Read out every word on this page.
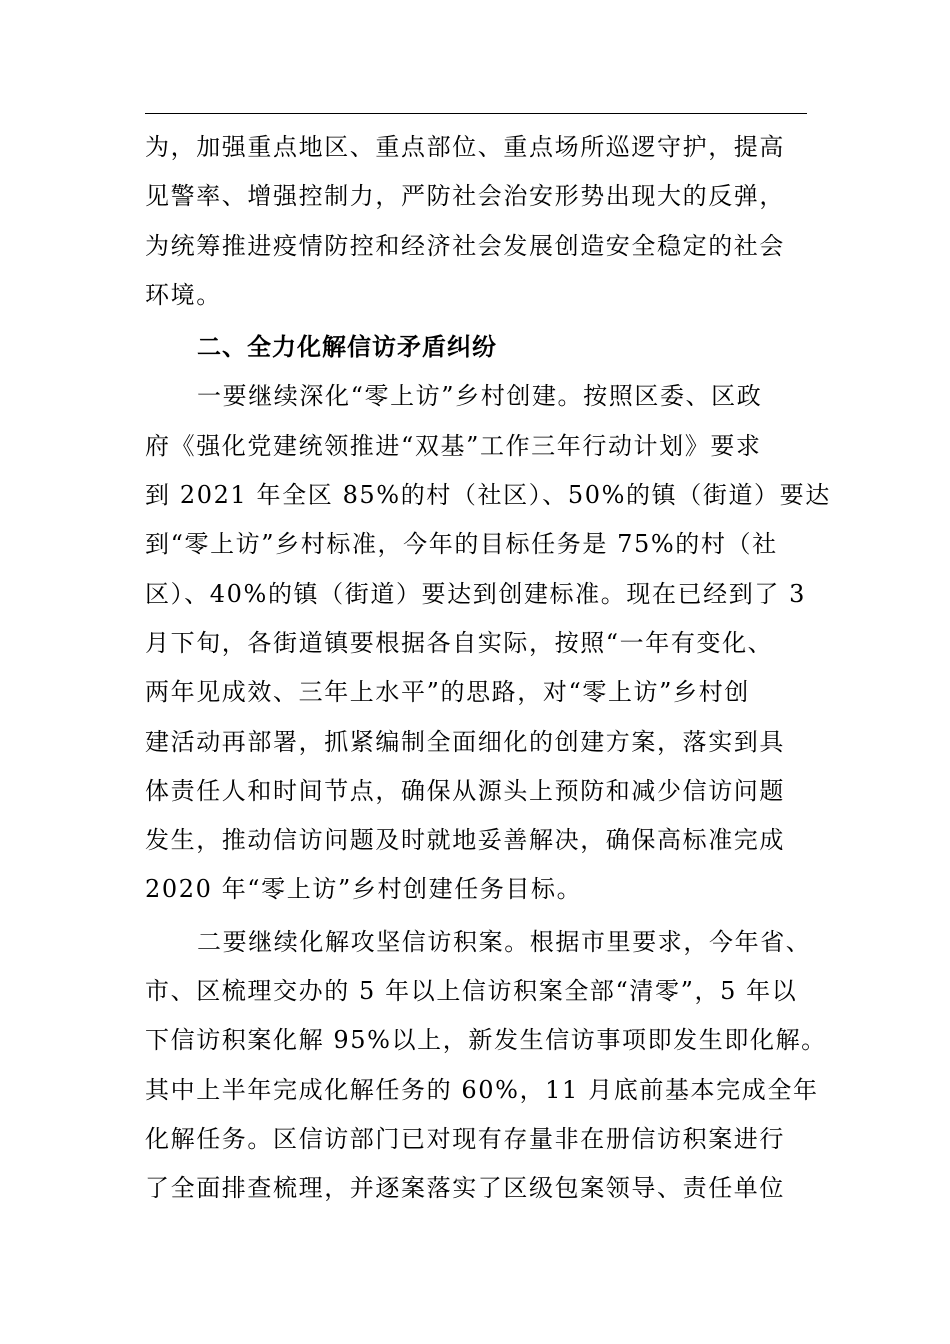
为，加强重点地区、重点部位、重点场所巡逻守护，提高
见警率、增强控制力，严防社会治安形势出现大的反弹，
为统筹推进疫情防控和经济社会发展创造安全稳定的社会
环境。
二、全力化解信访矛盾纠纷
一要继续深化“零上访”乡村创建。按照区委、区政
府《强化党建统领推进“双基”工作三年行动计划》要求
到 2021 年全区 85%的村（社区）、50%的镇（街道）要达
到“零上访”乡村标准，今年的目标任务是 75%的村（社
区）、40%的镇（街道）要达到创建标准。现在已经到了 3
月下旬，各街道镇要根据各自实际，按照“一年有变化、
两年见成效、三年上水平”的思路，对“零上访”乡村创
建活动再部署，抓紧编制全面细化的创建方案，落实到具
体责任人和时间节点，确保从源头上预防和减少信访问题
发生，推动信访问题及时就地妥善解决，确保高标准完成
2020 年“零上访”乡村创建任务目标。
二要继续化解攻坚信访积案。根据市里要求，今年省、
市、区梳理交办的 5 年以上信访积案全部“清零”，5 年以
下信访积案化解 95%以上，新发生信访事项即发生即化解。
其中上半年完成化解任务的 60%，11 月底前基本完成全年
化解任务。区信访部门已对现有存量非在册信访积案进行
了全面排查梳理，并逐案落实了区级包案领导、责任单位
